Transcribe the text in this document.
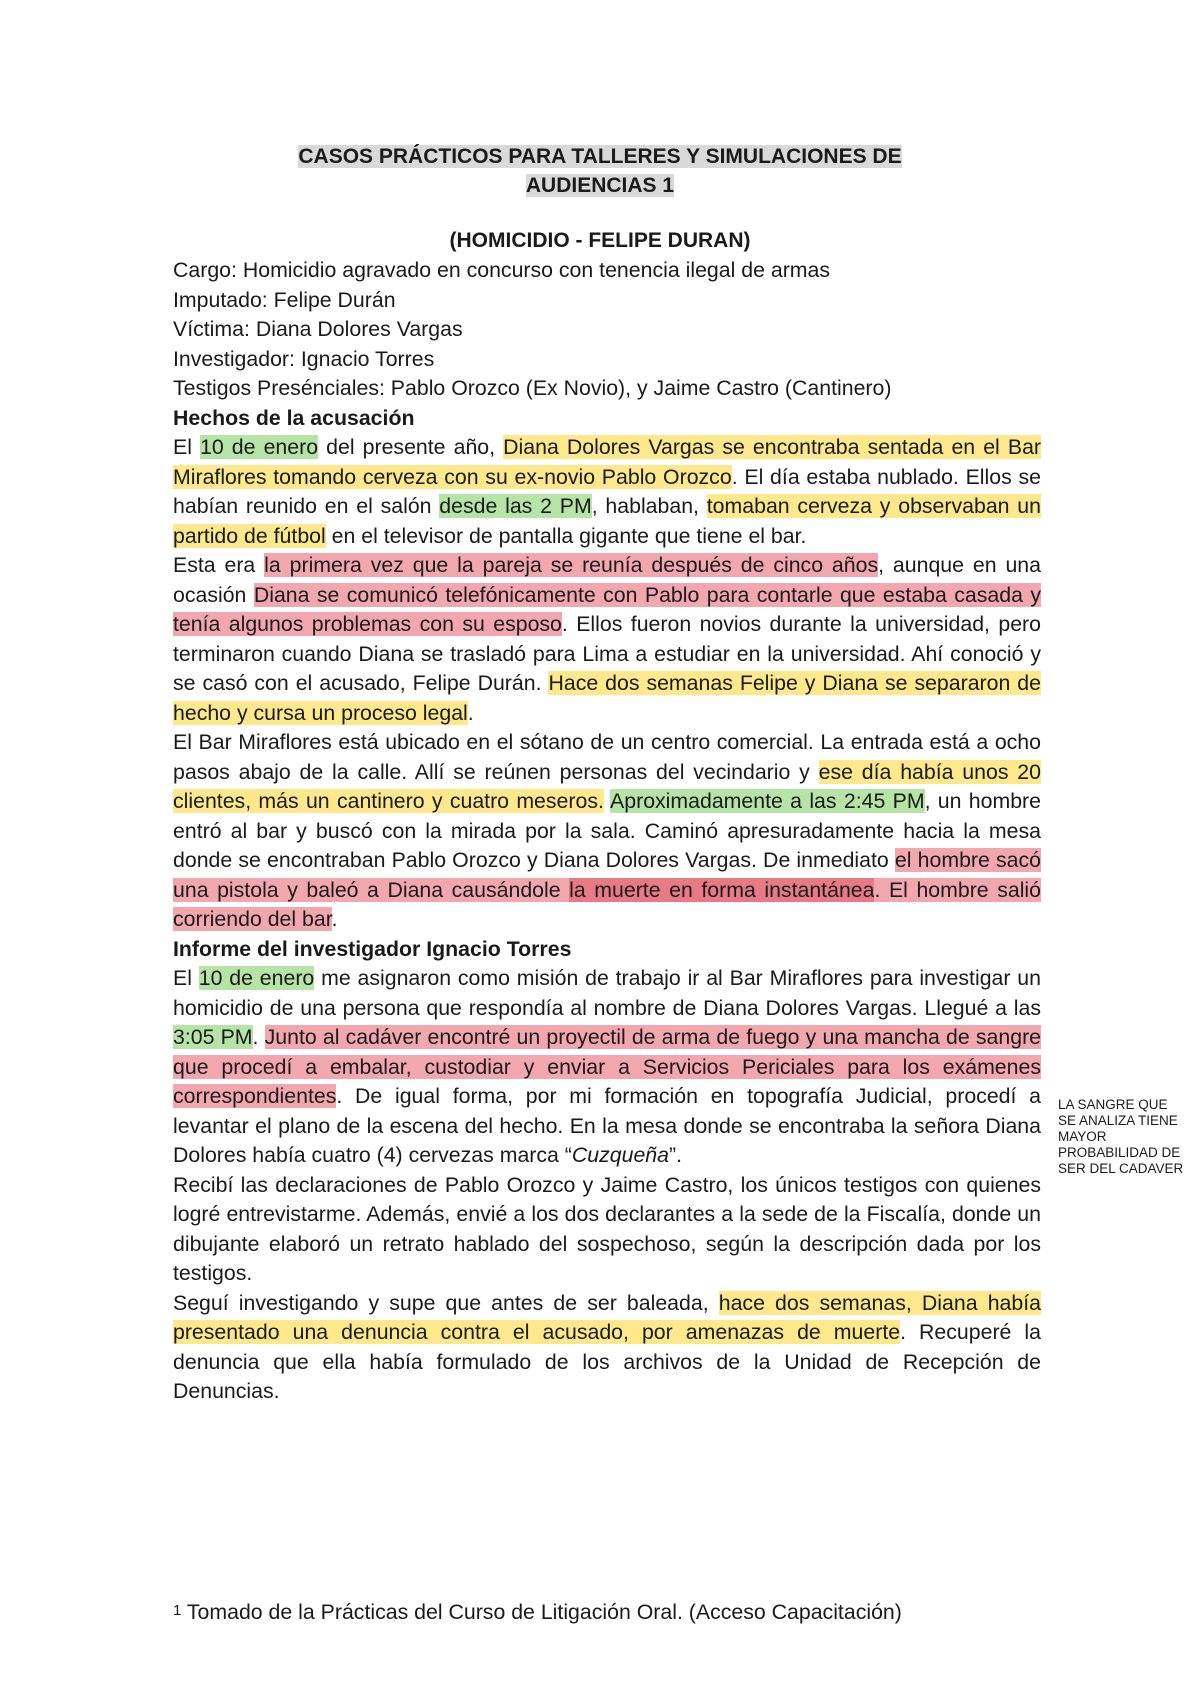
CASOS PRÁCTICOS PARA TALLERES Y SIMULACIONES DE
AUDIENCIAS 1
(HOMICIDIO - FELIPE DURAN)
Cargo: Homicidio agravado en concurso con tenencia ilegal de armas
Imputado: Felipe Durán
Víctima: Diana Dolores Vargas
Investigador: Ignacio Torres
Testigos Presénciales: Pablo Orozco (Ex Novio), y Jaime Castro (Cantinero)
Hechos de la acusación
El 10 de enero del presente año, Diana Dolores Vargas se encontraba sentada en el Bar Miraflores tomando cerveza con su ex-novio Pablo Orozco. El día estaba nublado. Ellos se habían reunido en el salón desde las 2 PM, hablaban, tomaban cerveza y observaban un partido de fútbol en el televisor de pantalla gigante que tiene el bar.
Esta era la primera vez que la pareja se reunía después de cinco años, aunque en una ocasión Diana se comunicó telefónicamente con Pablo para contarle que estaba casada y tenía algunos problemas con su esposo. Ellos fueron novios durante la universidad, pero terminaron cuando Diana se trasladó para Lima a estudiar en la universidad. Ahí conoció y se casó con el acusado, Felipe Durán. Hace dos semanas Felipe y Diana se separaron de hecho y cursa un proceso legal.
El Bar Miraflores está ubicado en el sótano de un centro comercial. La entrada está a ocho pasos abajo de la calle. Allí se reúnen personas del vecindario y ese día había unos 20 clientes, más un cantinero y cuatro meseros. Aproximadamente a las 2:45 PM, un hombre entró al bar y buscó con la mirada por la sala. Caminó apresuradamente hacia la mesa donde se encontraban Pablo Orozco y Diana Dolores Vargas. De inmediato el hombre sacó una pistola y baleó a Diana causándole la muerte en forma instantánea. El hombre salió corriendo del bar.
Informe del investigador Ignacio Torres
El 10 de enero me asignaron como misión de trabajo ir al Bar Miraflores para investigar un homicidio de una persona que respondía al nombre de Diana Dolores Vargas. Llegué a las 3:05 PM. Junto al cadáver encontré un proyectil de arma de fuego y una mancha de sangre que procedí a embalar, custodiar y enviar a Servicios Periciales para los exámenes correspondientes. De igual forma, por mi formación en topografía Judicial, procedí a levantar el plano de la escena del hecho. En la mesa donde se encontraba la señora Diana Dolores había cuatro (4) cervezas marca “Cuzqueña”.
Recibí las declaraciones de Pablo Orozco y Jaime Castro, los únicos testigos con quienes logré entrevistarme. Además, envié a los dos declarantes a la sede de la Fiscalía, donde un dibujante elaboró un retrato hablado del sospechoso, según la descripción dada por los testigos.
Seguí investigando y supe que antes de ser baleada, hace dos semanas, Diana había presentado una denuncia contra el acusado, por amenazas de muerte. Recuperé la denuncia que ella había formulado de los archivos de la Unidad de Recepción de Denuncias.
LA SANGRE QUE SE ANALIZA TIENE MAYOR PROBABILIDAD DE SER DEL CADAVER
1 Tomado de la Prácticas del Curso de Litigación Oral. (Acceso Capacitación)
